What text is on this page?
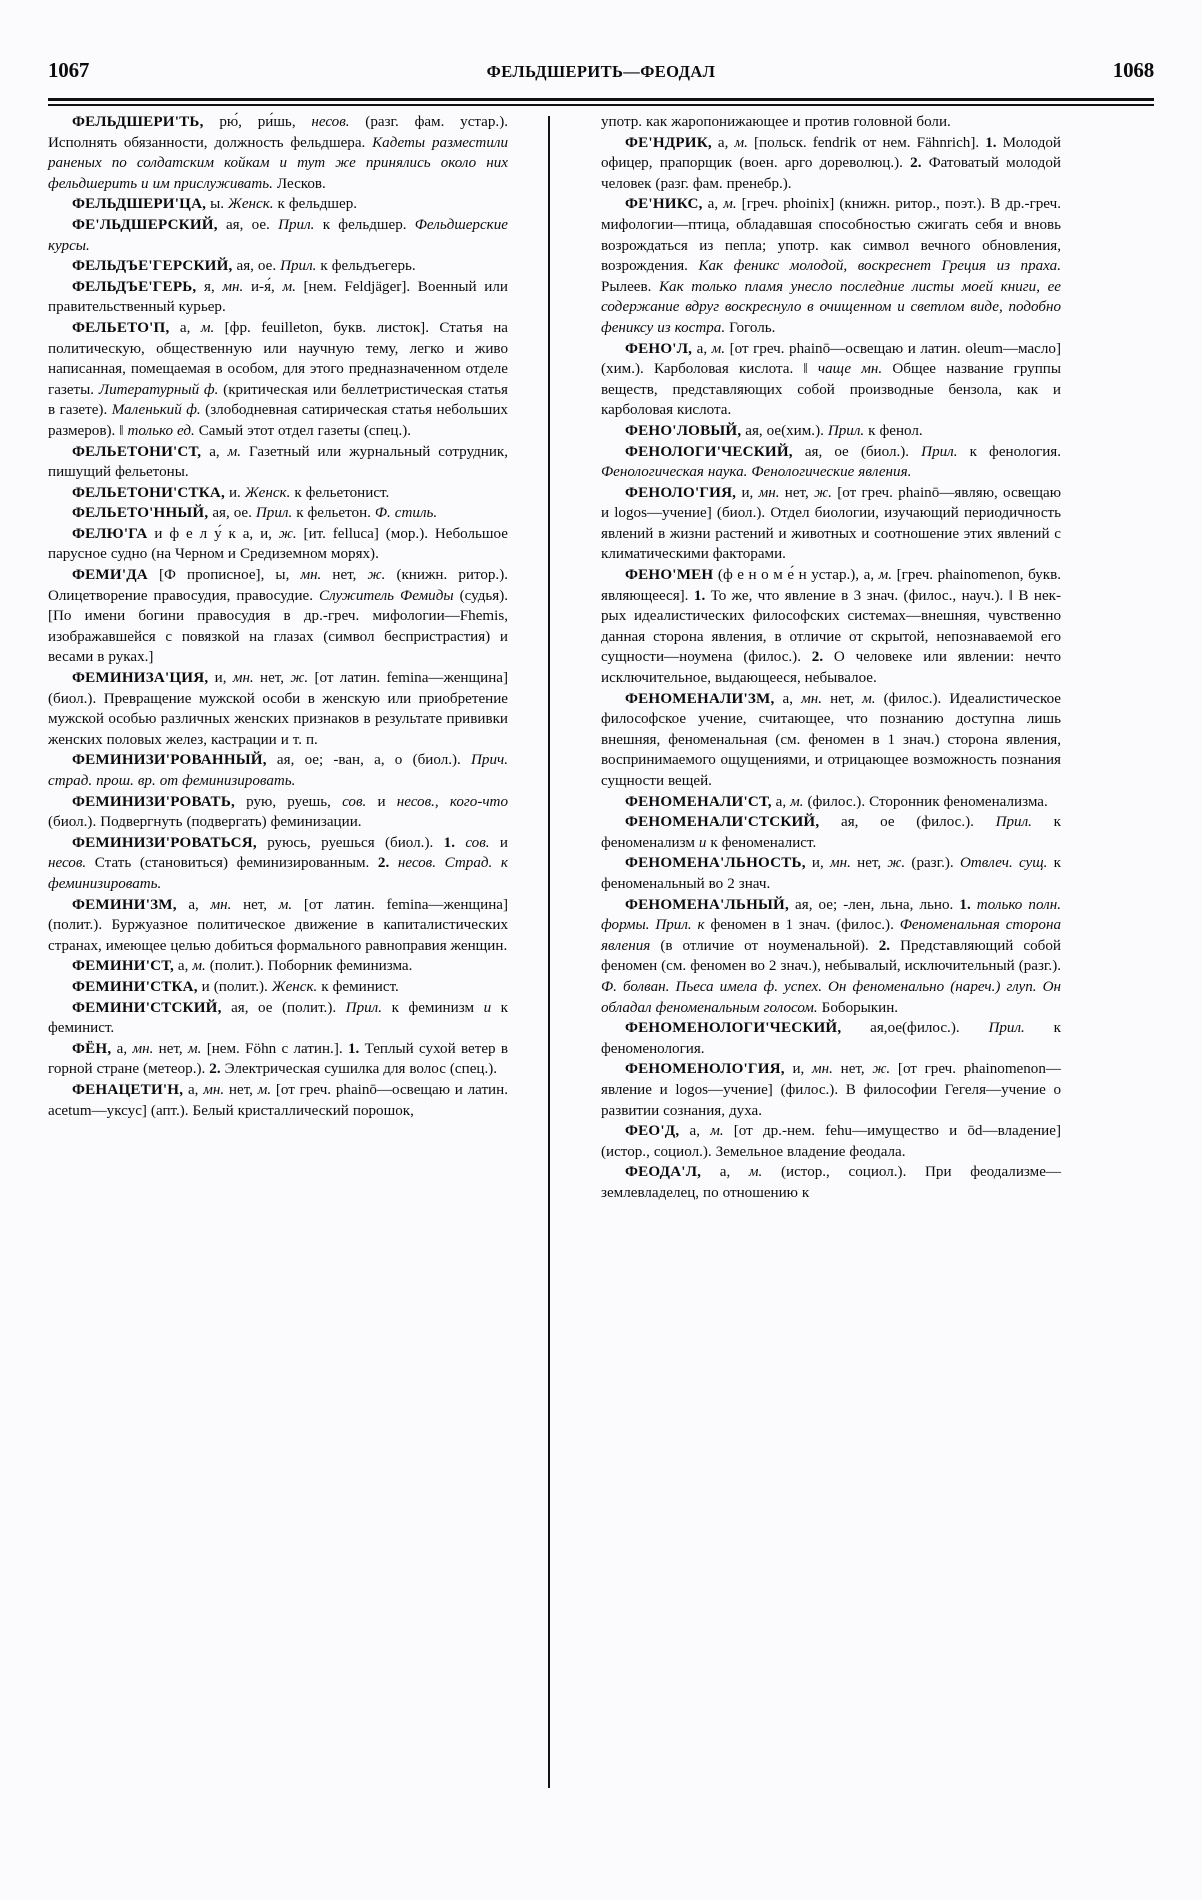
1067	ФЕЛЬДШЕРИТЬ—ФЕОДАЛ	1068

ФЕЛЬДШЕРИ'ТЬ, рю́, ри́шь, несов. (разг. фам. устар.). Исполнять обязанности, должность фельдшера. Кадеты разместили раненых по солдатским койкам и тут же принялись около них фельдшерить и им прислуживать. Лесков.

ФЕЛЬДШЕРИ'ЦА, ы. Женск. к фельдшер.

ФЕ'ЛЬДШЕРСКИЙ, ая, ое. Прил. к фельдшер. Фельдшерские курсы.

ФЕЛЬДЪЕ'ГЕРСКИЙ, ая, ое. Прил. к фельдъегерь.

ФЕЛЬДЪЕ'ГЕРЬ, я, мн. и-я́, м. [нем. Feldjäger]. Военный или правительственный курьер.

ФЕЛЬЕТО'П, а, м. [фр. feuilleton, букв. листок]. Статья на политическую, общественную или научную тему, легко и живо написанная, помещаемая в особом, для этого предназначенном отделе газеты. Литературный ф. (критическая или беллетристическая статья в газете). Маленький ф. (злободневная сатирическая статья небольших размеров). ‖ только ед. Самый этот отдел газеты (спец.).

ФЕЛЬЕТОНИ'СТ, а, м. Газетный или журнальный сотрудник, пишущий фельетоны.

ФЕЛЬЕТОНИ'СТКА, и. Женск. к фельетонист.

ФЕЛЬЕТО'ННЫЙ, ая, ое. Прил. к фельетон. Ф. стиль.

ФЕЛЮ'ГА и ф е л у́ к а, и, ж. [ит. felluca] (мор.). Небольшое парусное судно (на Черном и Средиземном морях).

ФЕМИ'ДА [Ф прописное], ы, мн. нет, ж. (книжн. ритор.). Олицетворение правосудия, правосудие. Служитель Фемиды (судья). [По имени богини правосудия в др.-греч. мифологии—Fhemis, изображавшейся с повязкой на глазах (символ беспристрастия) и весами в руках.]

ФЕМИНИЗА'ЦИЯ, и, мн. нет, ж. [от латин. femina—женщина] (биол.). Превращение мужской особи в женскую или приобретение мужской особью различных женских признаков в результате прививки женских половых желез, кастрации и т. п.

ФЕМИНИЗИ'РОВАННЫЙ, ая, ое; -ван, а, о (биол.). Прич. страд. прош. вр. от феминизировать.

ФЕМИНИЗИ'РОВАТЬ, рую, руешь, сов. и несов., кого-что (биол.). Подвергнуть (подвергать) феминизации.

ФЕМИНИЗИ'РОВАТЬСЯ, руюсь, руешься (биол.). 1. сов. и несов. Стать (становиться) феминизированным. 2. несов. Страд. к феминизировать.

ФЕМИНИ'ЗМ, а, мн. нет, м. [от латин. femina—женщина] (полит.). Буржуазное политическое движение в капиталистических странах, имеющее целью добиться формального равноправия женщин.

ФЕМИНИ'СТ, а, м. (полит.). Поборник феминизма.

ФЕМИНИ'СТКА, и (полит.). Женск. к феминист.

ФЕМИНИ'СТСКИЙ, ая, ое (полит.). Прил. к феминизм и к феминист.

ФЁН, а, мн. нет, м. [нем. Föhn с латин.]. 1. Теплый сухой ветер в горной стране (метеор.). 2. Электрическая сушилка для волос (спец.).

ФЕНАЦЕТИ'Н, а, мн. нет, м. [от греч. phainō—освещаю и латин. acetum—уксус] (апт.). Белый кристаллический порошок,

употр. как жаропонижающее и против головной боли.

ФЕ'НДРИК, а, м. [польск. fendrik от нем. Fähnrich]. 1. Молодой офицер, прапорщик (воен. арго дореволюц.). 2. Фатоватый молодой человек (разг. фам. пренебр.).

ФЕ'НИКС, а, м. [греч. phoinix] (книжн. ритор., поэт.). В др.-греч. мифологии—птица, обладавшая способностью сжигать себя и вновь возрождаться из пепла; употр. как символ вечного обновления, возрождения. Как феникс молодой, воскреснет Греция из праха. Рылеев. Как только пламя унесло последние листы моей книги, ее содержание вдруг воскреснуло в очищенном и светлом виде, подобно фениксу из костра. Гоголь.

ФЕНО'Л, а, м. [от греч. phainō—освещаю и латин. oleum—масло] (хим.). Карболовая кислота. ‖ чаще мн. Общее название группы веществ, представляющих собой производные бензола, как и карболовая кислота.

ФЕНО'ЛОВЫЙ, ая, ое(хим.). Прил. к фенол.

ФЕНОЛОГИ'ЧЕСКИЙ, ая, ое (биол.). Прил. к фенология. Фенологическая наука. Фенологические явления.

ФЕНОЛО'ГИЯ, и, мн. нет, ж. [от греч. phainō—являю, освещаю и logos—учение] (биол.). Отдел биологии, изучающий периодичность явлений в жизни растений и животных и соотношение этих явлений с климатическими факторами.

ФЕНО'МЕН (ф е н о м е́ н устар.), а, м. [греч. phainomenon, букв. являющееся]. 1. То же, что явление в 3 знач. (филос., науч.). ‖ В нек-рых идеалистических философских системах—внешняя, чувственно данная сторона явления, в отличие от скрытой, непознаваемой его сущности—ноумена (филос.). 2. О человеке или явлении: нечто исключительное, выдающееся, небывалое.

ФЕНОМЕНАЛИ'ЗМ, а, мн. нет, м. (филос.). Идеалистическое философское учение, считающее, что познанию доступна лишь внешняя, феноменальная (см. феномен в 1 знач.) сторона явления, воспринимаемого ощущениями, и отрицающее возможность познания сущности вещей.

ФЕНОМЕНАЛИ'СТ, а, м. (филос.). Сторонник феноменализма.

ФЕНОМЕНАЛИ'СТСКИЙ, ая, ое (филос.). Прил. к феноменализм и к феноменалист.

ФЕНОМЕНА'ЛЬНОСТЬ, и, мн. нет, ж. (разг.). Отвлеч. сущ. к феноменальный во 2 знач.

ФЕНОМЕНА'ЛЬНЫЙ, ая, ое; -лен, льна, льно. 1. только полн. формы. Прил. к феномен в 1 знач. (филос.). Феноменальная сторона явления (в отличие от ноуменальной). 2. Представляющий собой феномен (см. феномен во 2 знач.), небывалый, исключительный (разг.). Ф. болван. Пьеса имела ф. успех. Он феноменально (нареч.) глуп. Он обладал феноменальным голосом. Боборыкин.

ФЕНОМЕНОЛОГИ'ЧЕСКИЙ, ая,ое(филос.). Прил. к феноменология.

ФЕНОМЕНОЛО'ГИЯ, и, мн. нет, ж. [от греч. phainomenon—явление и logos—учение] (филос.). В философии Гегеля—учение о развитии сознания, духа.

ФЕО'Д, а, м. [от др.-нем. fehu—имущество и ōd—владение] (истор., социол.). Земельное владение феодала.

ФЕОДА'Л, а, м. (истор., социол.). При феодализме—землевладелец, по отношению к
